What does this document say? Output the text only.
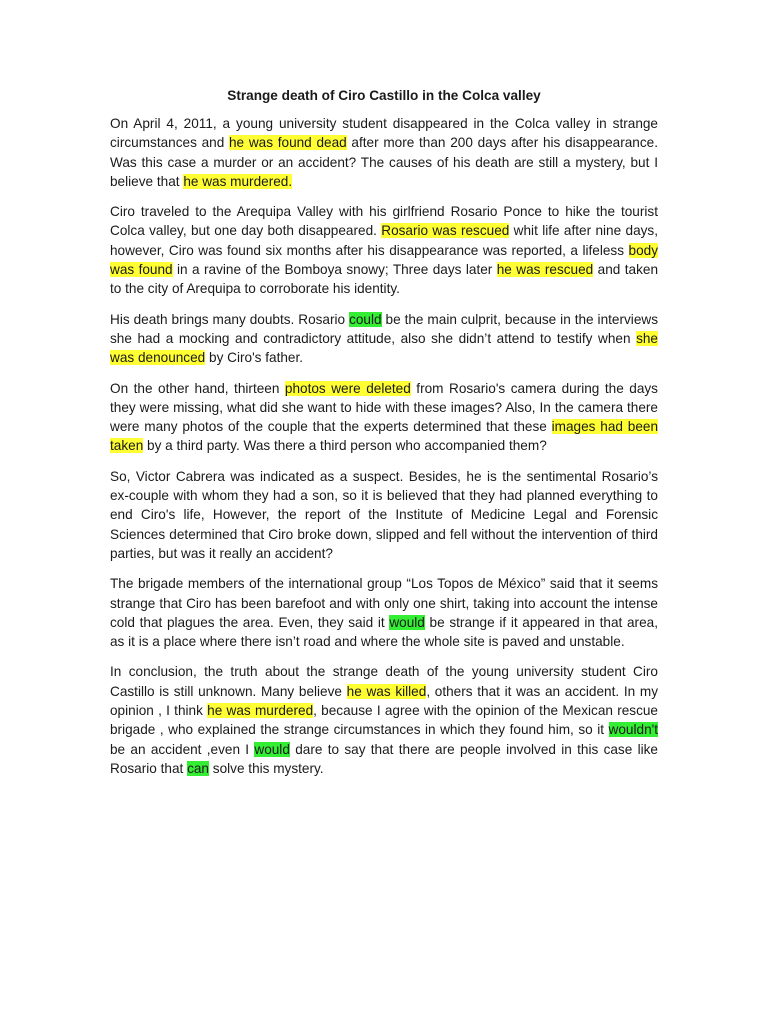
Strange death of Ciro Castillo in the Colca valley

On April 4, 2011, a young university student disappeared in the Colca valley in strange circumstances and he was found dead after more than 200 days after his disappearance. Was this case a murder or an accident? The causes of his death are still a mystery, but I believe that he was murdered.

Ciro traveled to the Arequipa Valley with his girlfriend Rosario Ponce to hike the tourist Colca valley, but one day both disappeared. Rosario was rescued whit life after nine days, however, Ciro was found six months after his disappearance was reported, a lifeless body was found in a ravine of the Bomboya snowy; Three days later he was rescued and taken to the city of Arequipa to corroborate his identity.

His death brings many doubts. Rosario could be the main culprit, because in the interviews she had a mocking and contradictory attitude, also she didn’t attend to testify when she was denounced by Ciro's father.

On the other hand, thirteen photos were deleted from Rosario's camera during the days they were missing, what did she want to hide with these images? Also, In the camera there were many photos of the couple that the experts determined that these images had been taken by a third party. Was there a third person who accompanied them?

So, Victor Cabrera was indicated as a suspect. Besides, he is the sentimental Rosario’s ex-couple with whom they had a son, so it is believed that they had planned everything to end Ciro's life, However, the report of the Institute of Medicine Legal and Forensic Sciences determined that Ciro broke down, slipped and fell without the intervention of third parties, but was it really an accident?

The brigade members of the international group “Los Topos de México” said that it seems strange that Ciro has been barefoot and with only one shirt, taking into account the intense cold that plagues the area. Even, they said it would be strange if it appeared in that area, as it is a place where there isn’t road and where the whole site is paved and unstable.

In conclusion, the truth about the strange death of the young university student Ciro Castillo is still unknown. Many believe he was killed, others that it was an accident. In my opinion , I think he was murdered, because I agree with the opinion of the Mexican rescue brigade , who explained the strange circumstances in which they found him, so it wouldn't be an accident ,even I would dare to say that there are people involved in this case like Rosario that can solve this mystery.
